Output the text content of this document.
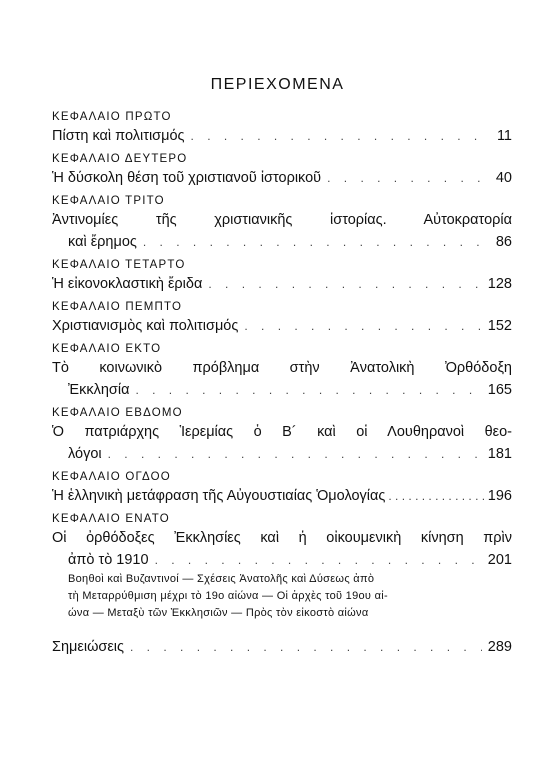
ΠΕΡΙΕΧΟΜΕΝΑ
ΚΕΦΑΛΑΙΟ ΠΡΩΤΟ
Πίστη καὶ πολιτισμός . . .	11
ΚΕΦΑΛΑΙΟ ΔΕΥΤΕΡΟ
Ἡ δύσκολη θέση τοῦ χριστιανοῦ ἱστορικοῦ . . .	40
ΚΕΦΑΛΑΙΟ ΤΡΙΤΟ
Ἀντινομίες τῆς χριστιανικῆς ἱστορίας. Αὐτοκρατορία
καὶ ἔρημος . . .	86
ΚΕΦΑΛΑΙΟ ΤΕΤΑΡΤΟ
Ἡ εἰκονοκλαστικὴ ἔριδα . . .	128
ΚΕΦΑΛΑΙΟ ΠΕΜΠΤΟ
Χριστιανισμὸς καὶ πολιτισμός . . .	152
ΚΕΦΑΛΑΙΟ ΕΚΤΟ
Τὸ κοινωνικὸ πρόβλημα στὴν Ἀνατολικὴ Ὀρθόδοξη
Ἐκκλησία . . .	165
ΚΕΦΑΛΑΙΟ ΕΒΔΟΜΟ
Ὁ πατριάρχης Ἱερεμίας ὁ Β´ καὶ οἱ Λουθηρανοὶ θεο-
λόγοι . . .	181
ΚΕΦΑΛΑΙΟ ΟΓΔΟΟ
Ἡ ἑλληνικὴ μετάφραση τῆς Αὐγουστιαίας Ὁμολογίας . . .	196
ΚΕΦΑΛΑΙΟ ΕΝΑΤΟ
Οἱ ὀρθόδοξες Ἐκκλησίες καὶ ἡ οἰκουμενικὴ κίνηση πρὶν
ἀπὸ τὸ 1910 . . .	201
Βοηθοὶ καὶ Βυζαντινοί — Σχέσεις Ἀνατολῆς καὶ Δύσεως ἀπὸ
τὴ Μεταρρύθμιση μέχρι τὸ 19ο αἰώνα — Οἱ ἀρχὲς τοῦ 19ου αἰ-
ώνα — Μεταξὺ τῶν Ἐκκλησιῶν — Πρὸς τὸν εἰκοστὸ αἰώνα
Σημειώσεις . . .	289
